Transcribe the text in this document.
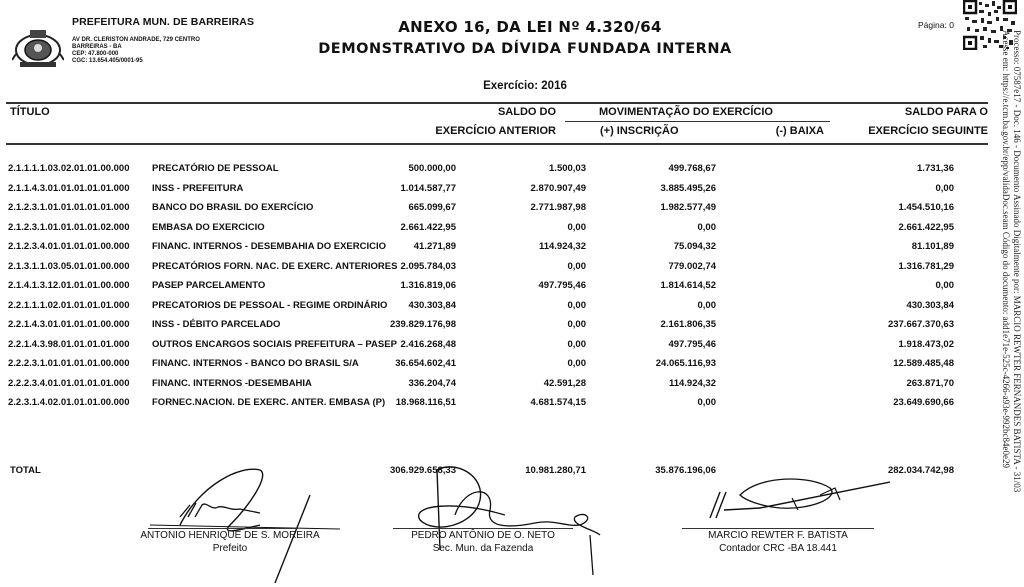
PREFEITURA MUN. DE BARREIRAS
AV DR. CLERISTON ANDRADE, 729 CENTRO
BARREIRAS - BA
CEP: 47.800-000
CGC: 13.654.405/0001-95
ANEXO 16, DA LEI Nº 4.320/64
DEMONSTRATIVO DA DÍVIDA FUNDADA INTERNA
Exercício: 2016
Página: 0
Processo: 07587e17 - Doc. 146 - Documento Assinado Digitalmente por: MARCIO REWTER FERNANDES BATISTA - 31/03
Acesse em: https://e.tcm.ba.gov.br/epp/validaDoc.seam Código do documento: add1e71e-525c-4266-a93e-992bc84e0e29
TÍTULO	SALDO DO
EXERCÍCIO ANTERIOR
MOVIMENTAÇÃO DO EXERCÍCIO
(+) INSCRIÇÃO	(-) BAIXA
SALDO PARA O
EXERCÍCIO SEGUINTE
2.1.1.1.1.03.02.01.01.00.000 PRECATÓRIO DE PESSOAL	500.000,00	1.500,03	499.768,67	1.731,36
2.1.1.4.3.01.01.01.01.01.000 INSS - PREFEITURA	1.014.587,77	2.870.907,49	3.885.495,26	0,00
2.1.2.3.1.01.01.01.01.01.000 BANCO DO BRASIL DO EXERCÍCIO	665.099,67	2.771.987,98	1.982.577,49	1.454.510,16
2.1.2.3.1.01.01.01.01.02.000 EMBASA DO EXERCICIO	2.661.422,95	0,00	0,00	2.661.422,95
2.1.2.3.4.01.01.01.01.00.000 FINANC. INTERNOS - DESEMBAHIA DO EXERCICIO	41.271,89	114.924,32	75.094,32	81.101,89
2.1.3.1.1.03.05.01.01.00.000 PRECATÓRIOS FORN. NAC. DE EXERC. ANTERIORES 2.095.784,03	0,00	779.002,74	1.316.781,29
2.1.4.1.3.12.01.01.01.00.000 PASEP PARCELAMENTO	1.316.819,06	497.795,46	1.814.614,52	0,00
2.2.1.1.1.02.01.01.01.01.000 PRECATORIOS DE PESSOAL - REGIME ORDINÁRIO 430.303,84	0,00	0,00	430.303,84
2.2.1.4.3.01.01.01.01.00.000 INSS - DÉBITO PARCELADO	239.829.176,98	0,00	2.161.806,35	237.667.370,63
2.2.1.4.3.98.01.01.01.01.000 OUTROS ENCARGOS SOCIAIS PREFEITURA – PASEP 2.416.268,48	0,00	497.795,46	1.918.473,02
2.2.2.3.1.01.01.01.01.00.000 FINANC. INTERNOS - BANCO DO BRASIL S/A	36.654.602,41	0,00	24.065.116,93	12.589.485,48
2.2.2.3.4.01.01.01.01.01.000 FINANC. INTERNOS -DESEMBAHIA	336.204,74	42.591,28	114.924,32	263.871,70
2.2.3.1.4.02.01.01.01.00.000 FORNEC.NACION. DE EXERC. ANTER. EMBASA (P) 18.968.116,51	4.681.574,15	0,00	23.649.690,66
TOTAL	306.929.658,33	10.981.280,71	35.876.196,06	282.034.742,98
ANTONIO HENRIQUE DE S. MOREIRA
Prefeito
PEDRO ANTÔNIO DE O. NETO
Sec. Mun. da Fazenda
MARCIO REWTER F. BATISTA
Contador CRC -BA 18.441
